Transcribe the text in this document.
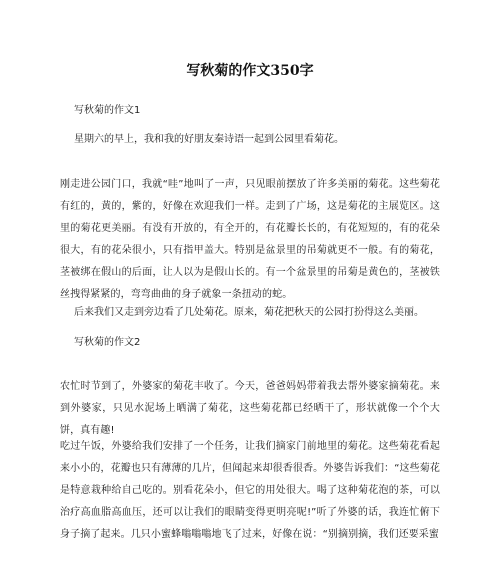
写秋菊的作文350字
写秋菊的作文1
星期六的早上，我和我的好朋友秦诗语一起到公园里看菊花。
刚走进公园门口，我就“哇”地叫了一声，只见眼前摆放了许多美丽的菊花。这些菊花有红的，黄的，紫的，好像在欢迎我们一样。走到了广场，这是菊花的主展览区。这里的菊花更美丽。有没有开放的，有全开的，有花瓣长长的，有花短短的，有的花朵很大，有的花朵很小，只有指甲盖大。特别是盆景里的吊菊就更不一般。有的菊花，茎被绑在假山的后面，让人以为是假山长的。有一个盆景里的吊菊是黄色的，茎被铁丝拽得紧紧的，弯弯曲曲的身子就象一条扭动的蛇。
后来我们又走到旁边看了几处菊花。原来，菊花把秋天的公园打扮得这么美丽。
写秋菊的作文2
农忙时节到了，外婆家的菊花丰收了。今天，爸爸妈妈带着我去帮外婆家摘菊花。来到外婆家，只见水泥场上晒满了菊花，这些菊花都已经晒干了，形状就像一个个大饼，真有趣!
吃过午饭，外婆给我们安排了一个任务，让我们摘家门前地里的菊花。这些菊花看起来小小的，花瓣也只有薄薄的几片，但闻起来却很香很香。外婆告诉我们：“这些菊花是特意栽种给自己吃的。别看花朵小，但它的用处很大。喝了这种菊花泡的茶，可以治疗高血脂高血压，还可以让我们的眼睛变得更明亮呢!”听了外婆的话，我连忙俯下身子摘了起来。几只小蜜蜂嗡嗡嗡地飞了过来，好像在说：“别摘别摘，我们还要采蜜
